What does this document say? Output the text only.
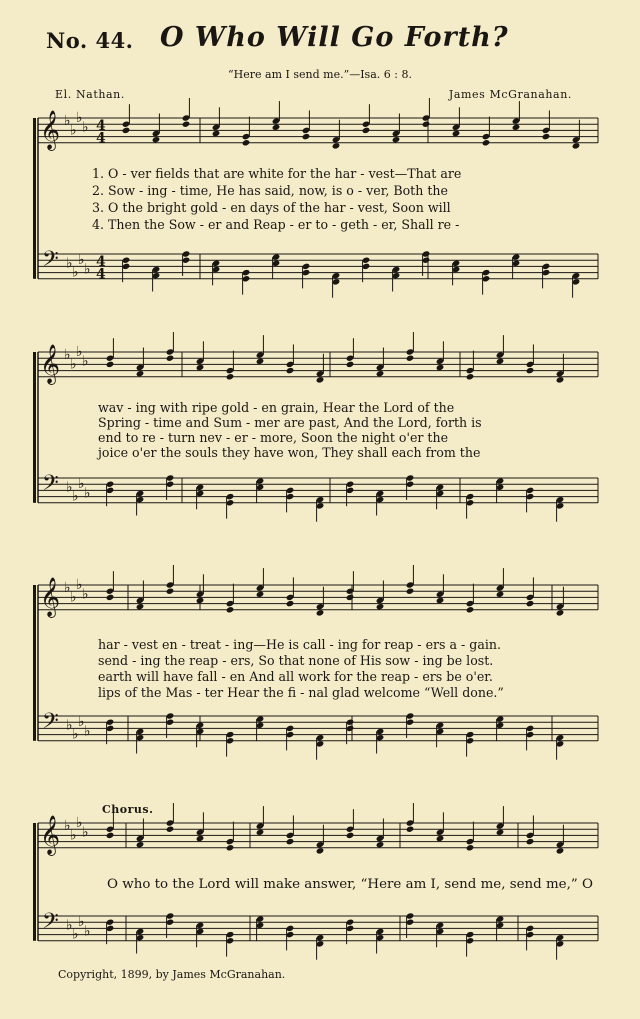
No. 44. O Who Will Go Forth?
“Here am I send me.”—Isa. 6 : 8.
El. Nathan.	James McGranahan.
𝄞
𝄢
♭
♭
♭
♭
♭
♭
♭
♭
4
4
4
4
𝄞
𝄢
♭
♭
♭
♭
♭
♭
♭
♭
𝄞
𝄢
♭
♭
♭
♭
♭
♭
♭
♭
𝄞
𝄢
♭
♭
♭
♭
♭
♭
♭
♭
1. O - ver fields that are white for the har - vest—That are
2. Sow - ing - time, He has said, now, is o - ver, Both the
3. O the bright gold - en days of the har - vest, Soon will
4. Then the Sow - er and Reap - er to - geth - er, Shall re -
wav - ing with ripe gold - en grain, Hear the Lord of the
Spring - time and Sum - mer are past, And the Lord, forth is
end to re - turn nev - er - more, Soon the night o'er the
joice o'er the souls they have won, They shall each from the
har - vest en - treat - ing—He is call - ing for reap - ers a - gain.
send - ing the reap - ers, So that none of His sow - ing be lost.
earth will have fall - en And all work for the reap - ers be o'er.
lips of the Mas - ter Hear the fi - nal glad welcome “Well done.”
Chorus.
O who to the Lord will make answer, “Here am I, send me, send me,” O
Copyright, 1899, by James McGranahan.
